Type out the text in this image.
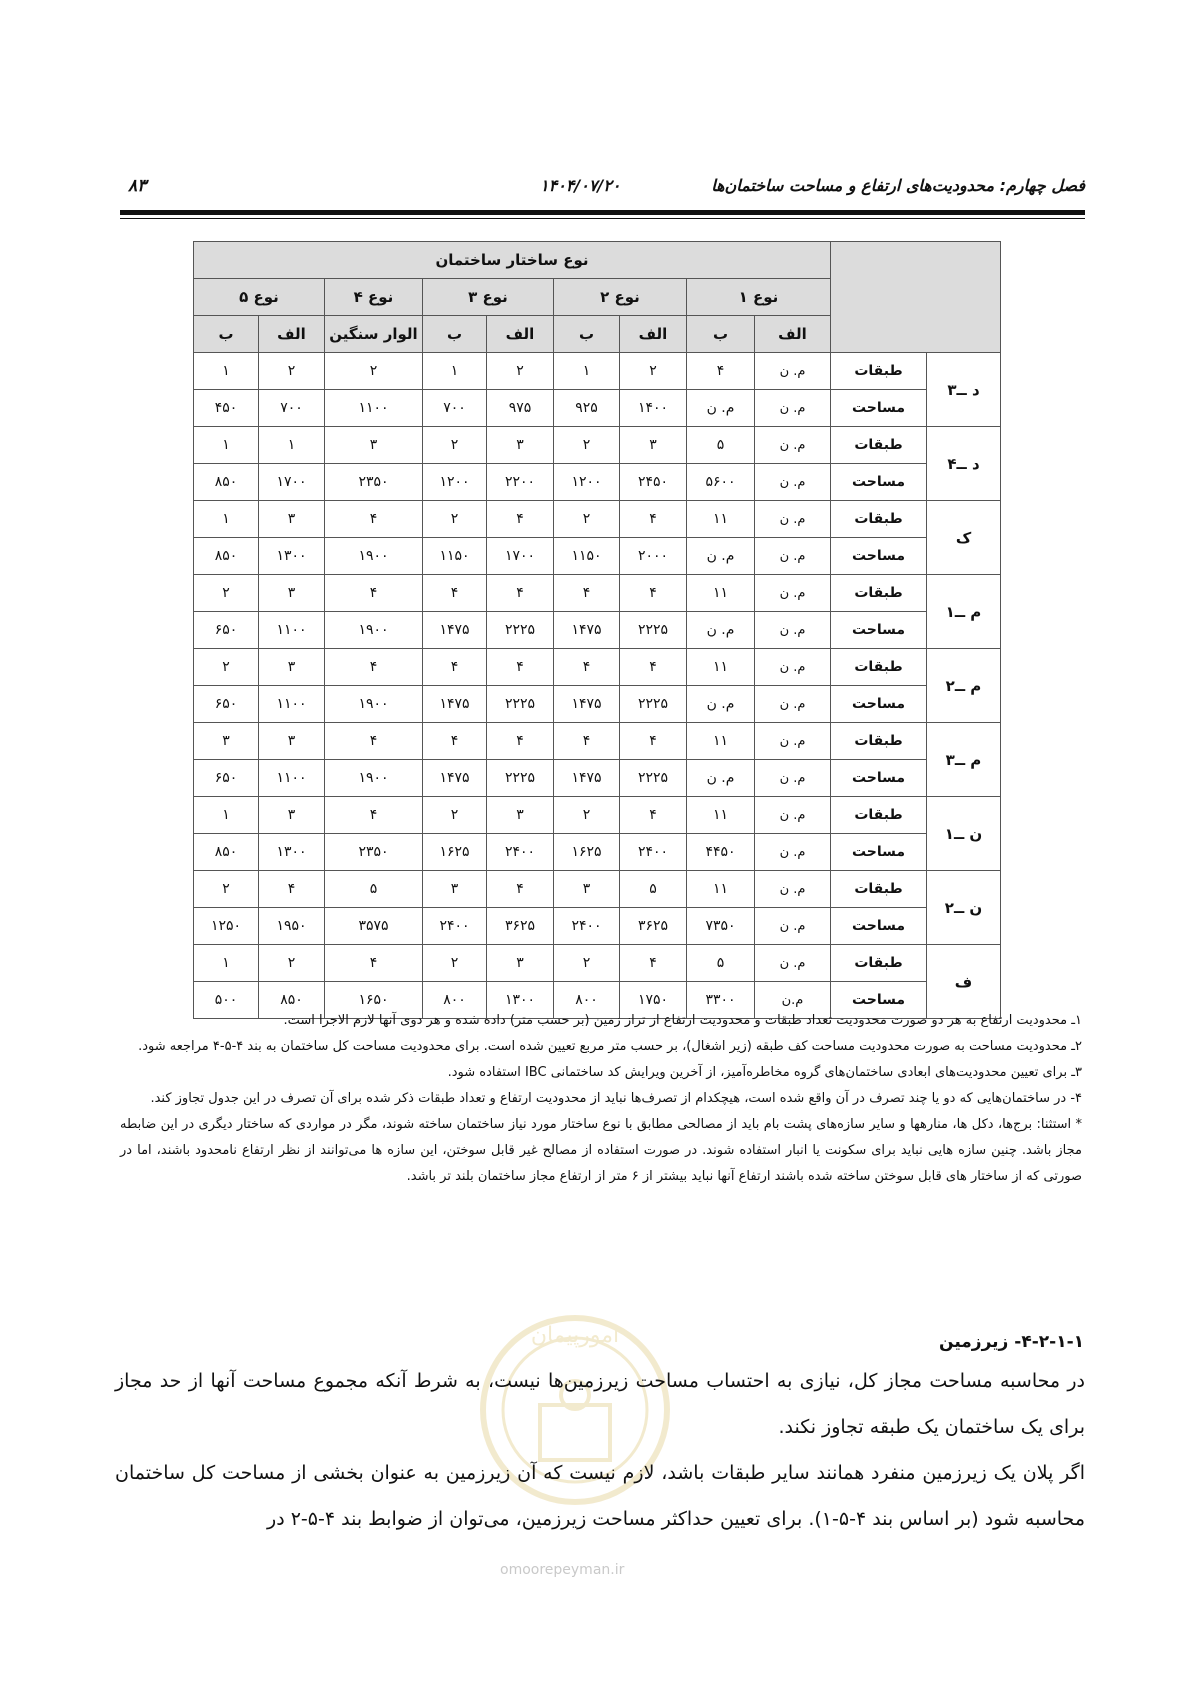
فصل چهارم: محدودیت‌های ارتفاع و مساحت ساختمان‌ها
۱۴۰۴/۰۷/۲۰
۸۳
		نوع ساختار ساختمان								
		نوع ۱		نوع ۲		نوع ۳		نوع ۴	نوع ۵	
		الف	ب	الف	ب	الف	ب	الوار سنگین	الف	ب
د ــ۳	طبقات	م. ن	۴	۲	۱	۲	۱	۲	۲	۱
	مساحت	م. ن	م. ن	۱۴۰۰	۹۲۵	۹۷۵	۷۰۰	۱۱۰۰	۷۰۰	۴۵۰
د ــ۴	طبقات	م. ن	۵	۳	۲	۳	۲	۳	۱	۱
	مساحت	م. ن	۵۶۰۰	۲۴۵۰	۱۲۰۰	۲۲۰۰	۱۲۰۰	۲۳۵۰	۱۷۰۰	۸۵۰
ک	طبقات	م. ن	۱۱	۴	۲	۴	۲	۴	۳	۱
	مساحت	م. ن	م. ن	۲۰۰۰	۱۱۵۰	۱۷۰۰	۱۱۵۰	۱۹۰۰	۱۳۰۰	۸۵۰
م ــ۱	طبقات	م. ن	۱۱	۴	۴	۴	۴	۴	۳	۲
	مساحت	م. ن	م. ن	۲۲۲۵	۱۴۷۵	۲۲۲۵	۱۴۷۵	۱۹۰۰	۱۱۰۰	۶۵۰
م ــ۲	طبقات	م. ن	۱۱	۴	۴	۴	۴	۴	۳	۲
	مساحت	م. ن	م. ن	۲۲۲۵	۱۴۷۵	۲۲۲۵	۱۴۷۵	۱۹۰۰	۱۱۰۰	۶۵۰
م ــ۳	طبقات	م. ن	۱۱	۴	۴	۴	۴	۴	۳	۳
	مساحت	م. ن	م. ن	۲۲۲۵	۱۴۷۵	۲۲۲۵	۱۴۷۵	۱۹۰۰	۱۱۰۰	۶۵۰
ن ــ۱	طبقات	م. ن	۱۱	۴	۲	۳	۲	۴	۳	۱
	مساحت	م. ن	۴۴۵۰	۲۴۰۰	۱۶۲۵	۲۴۰۰	۱۶۲۵	۲۳۵۰	۱۳۰۰	۸۵۰
ن ــ۲	طبقات	م. ن	۱۱	۵	۳	۴	۳	۵	۴	۲
	مساحت	م. ن	۷۳۵۰	۳۶۲۵	۲۴۰۰	۳۶۲۵	۲۴۰۰	۳۵۷۵	۱۹۵۰	۱۲۵۰
ف	طبقات	م. ن	۵	۴	۲	۳	۲	۴	۲	۱
	مساحت	م.ن	۳۳۰۰	۱۷۵۰	۸۰۰	۱۳۰۰	۸۰۰	۱۶۵۰	۸۵۰	۵۰۰

۱ـ محدودیت ارتفاع به هر دو صورت محدودیت تعداد طبقات و محدودیت ارتفاع از تراز زمین (بر حسب متر) داده شده و هر دوی آنها لازم الاجرا است.

۲ـ محدودیت مساحت به صورت محدودیت مساحت کف طبقه (زیر اشغال)، بر حسب متر مربع تعیین شده است. برای محدودیت مساحت کل ساختمان به بند ۴-۵-۴ مراجعه شود.

۳ـ برای تعیین محدودیت‌های ابعادی ساختمان‌های گروه مخاطره‌آمیز، از آخرین ویرایش کد ساختمانی IBC استفاده شود.

۴- در ساختمان‌هایی که دو یا چند تصرف در آن واقع شده است، هیچکدام از تصرف‌ها نباید از محدودیت ارتفاع و تعداد طبقات ذکر شده برای آن تصرف در این جدول تجاوز کند.

* استثنا: برج‌ها، دکل ها، منارهها و سایر سازه‌های پشت بام باید از مصالحی مطابق با نوع ساختار مورد نیاز ساختمان ساخته شوند، مگر در مواردی که ساختار دیگری در این ضابطه مجاز باشد. چنین سازه هایی نباید برای سکونت یا انبار استفاده شوند. در صورت استفاده از مصالح غیر قابل سوختن، این سازه ها می‌توانند از نظر ارتفاع نامحدود باشند، اما در صورتی که از ساختار های قابل سوختن ساخته شده باشند ارتفاع آنها نباید بیشتر از ۶ متر از ارتفاع مجاز ساختمان بلند تر باشد.

امورپیمان
omoorepeyman.ir
۴-۲-۱-۱- زیرزمین

در محاسبه مساحت مجاز کل، نیازی به احتساب مساحت زیرزمین‌ها نیست، به شرط آنکه مجموع مساحت آنها از حد مجاز برای یک ساختمان یک طبقه تجاوز نکند.

اگر پلان یک زیرزمین منفرد همانند سایر طبقات باشد، لازم نیست که آن زیرزمین به عنوان بخشی از مساحت کل ساختمان محاسبه شود (بر اساس بند ۴-۵-۱). برای تعیین حداکثر مساحت زیرزمین، می‌توان از ضوابط بند ۴-۵-۲ در
